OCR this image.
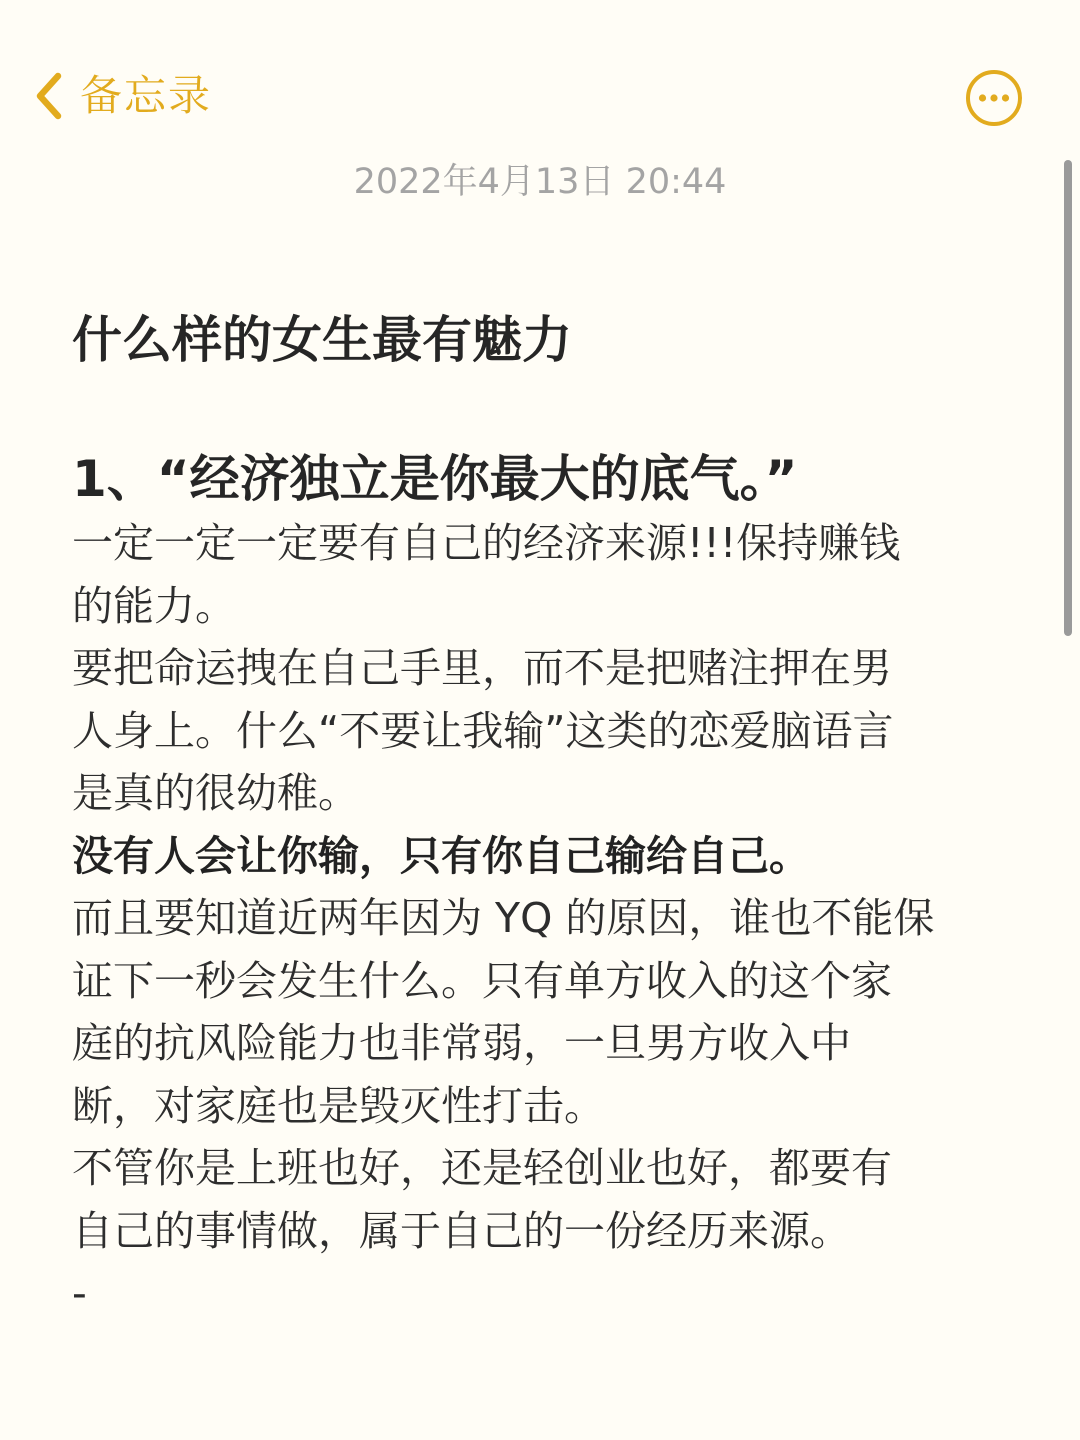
备忘录
2022年4月13日 20:44
什么样的女生最有魅力
1、“经济独立是你最大的底气。”
一定一定一定要有自己的经济来源!!!保持赚钱
的能力。
要把命运拽在自己手里，而不是把赌注押在男
人身上。什么“不要让我输”这类的恋爱脑语言
是真的很幼稚。
没有人会让你输，只有你自己输给自己。
而且要知道近两年因为 YQ 的原因，谁也不能保
证下一秒会发生什么。只有单方收入的这个家
庭的抗风险能力也非常弱，一旦男方收入中
断，对家庭也是毁灭性打击。
不管你是上班也好，还是轻创业也好，都要有
自己的事情做，属于自己的一份经历来源。
-
